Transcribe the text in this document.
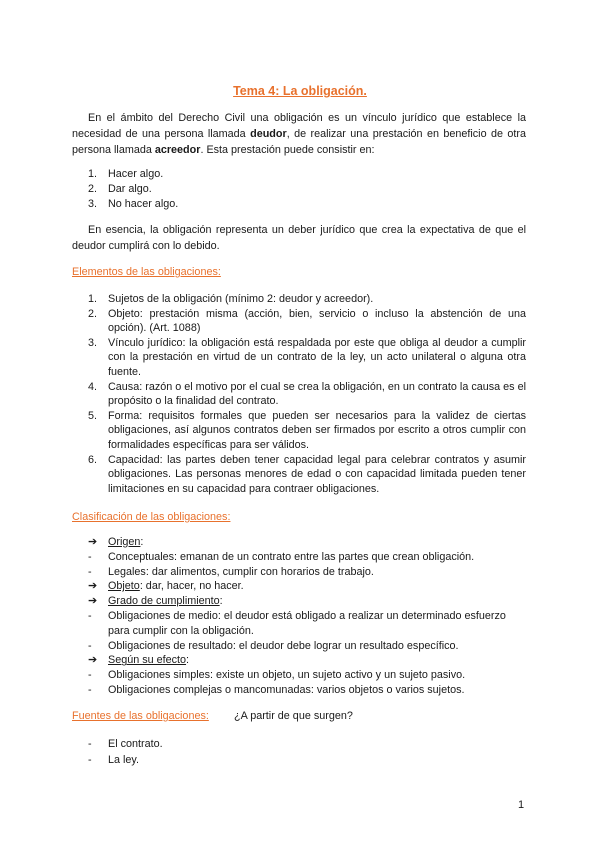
Tema 4: La obligación.

En el ámbito del Derecho Civil una obligación es un vínculo jurídico que establece la necesidad de una persona llamada deudor, de realizar una prestación en beneficio de otra persona llamada acreedor. Esta prestación puede consistir en:

1. Hacer algo.
2. Dar algo.
3. No hacer algo.

En esencia, la obligación representa un deber jurídico que crea la expectativa de que el deudor cumplirá con lo debido.

Elementos de las obligaciones:
1. Sujetos de la obligación (mínimo 2: deudor y acreedor).
2. Objeto: prestación misma (acción, bien, servicio o incluso la abstención de una opción). (Art. 1088)
3. Vínculo jurídico: la obligación está respaldada por este que obliga al deudor a cumplir con la prestación en virtud de un contrato de la ley, un acto unilateral o alguna otra fuente.
4. Causa: razón o el motivo por el cual se crea la obligación, en un contrato la causa es el propósito o la finalidad del contrato.
5. Forma: requisitos formales que pueden ser necesarios para la validez de ciertas obligaciones, así algunos contratos deben ser firmados por escrito a otros cumplir con formalidades específicas para ser válidos.
6. Capacidad: las partes deben tener capacidad legal para celebrar contratos y asumir obligaciones. Las personas menores de edad o con capacidad limitada pueden tener limitaciones en su capacidad para contraer obligaciones.
Clasificación de las obligaciones:
➔ Origen:
- Conceptuales: emanan de un contrato entre las partes que crean obligación.
- Legales: dar alimentos, cumplir con horarios de trabajo.
➔ Objeto: dar, hacer, no hacer.
➔ Grado de cumplimiento:
- Obligaciones de medio: el deudor está obligado a realizar un determinado esfuerzo para cumplir con la obligación.
- Obligaciones de resultado: el deudor debe lograr un resultado específico.
➔ Según su efecto:
- Obligaciones simples: existe un objeto, un sujeto activo y un sujeto pasivo.
- Obligaciones complejas o mancomunadas: varios objetos o varios sujetos.
Fuentes de las obligaciones: ¿A partir de que surgen?
- El contrato.
- La ley.
1
